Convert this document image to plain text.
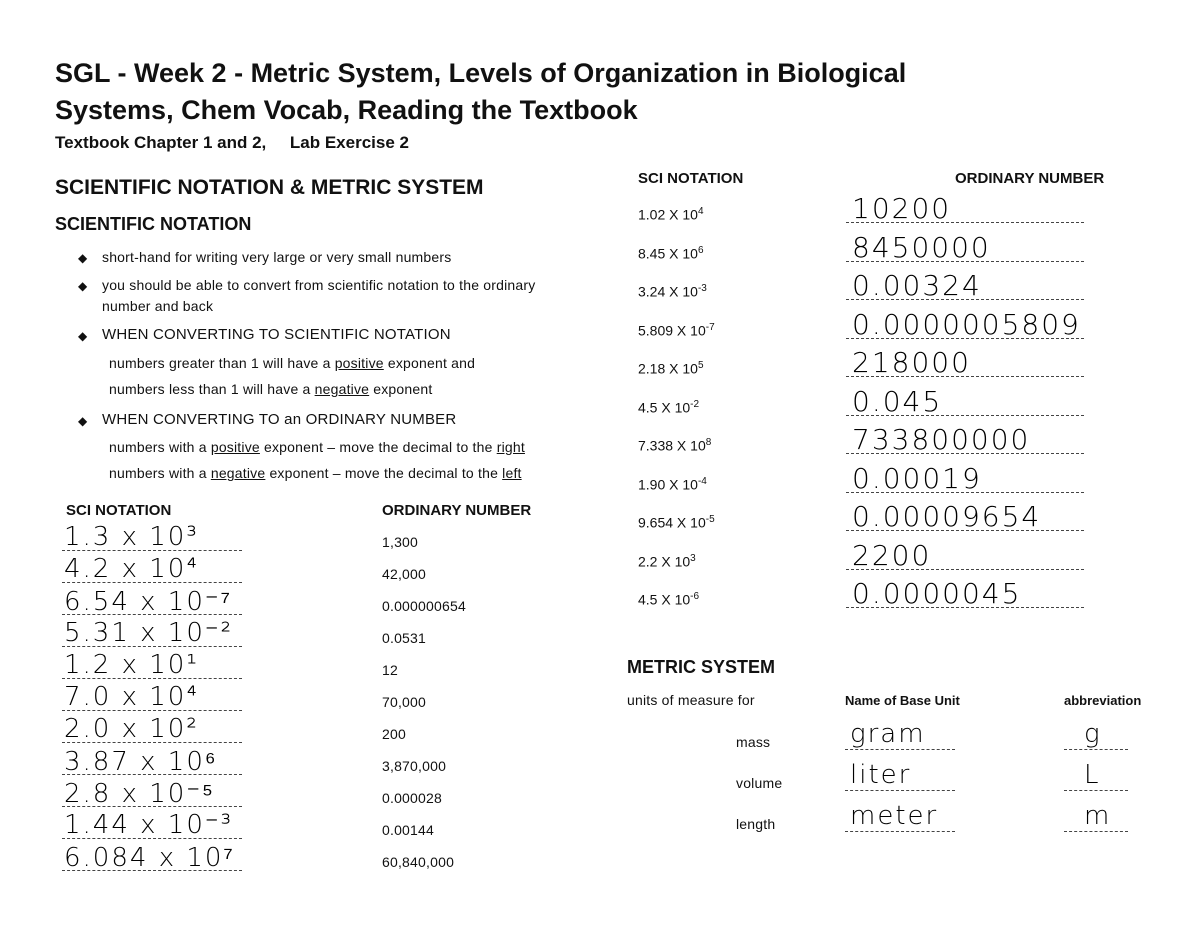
SGL - Week 2 - Metric System, Levels of Organization in Biological
Systems, Chem Vocab, Reading the Textbook
Textbook Chapter 1 and 2,     Lab Exercise 2
SCIENTIFIC NOTATION & METRIC SYSTEM
SCIENTIFIC NOTATION
◆ short-hand for writing very large or very small numbers
◆ you should be able to convert from scientific notation to the ordinary
number and back
◆ WHEN CONVERTING TO SCIENTIFIC NOTATION
numbers greater than 1 will have a positive exponent and
numbers less than 1 will have a negative exponent
◆ WHEN CONVERTING TO an ORDINARY NUMBER
numbers with a positive exponent – move the decimal to the right
numbers with a negative exponent – move the decimal to the left
SCI NOTATION	ORDINARY NUMBER
1.3 x 10³	1,300
4.2 x 10⁴	42,000
6.54 x 10⁻⁷	0.000000654
5.31 x 10⁻²	0.0531
1.2 x 10¹	12
7.0 x 10⁴	70,000
2.0 x 10²	200
3.87 x 10⁶	3,870,000
2.8 x 10⁻⁵	0.000028
1.44 x 10⁻³	0.00144
6.084 x 10⁷	60,840,000
SCI NOTATION	ORDINARY NUMBER
1.02 X $10^4$	10200
8.45 X $10^6$	8450000
3.24 X $10^{-3}$	0.00324
5.809 X $10^{-7}$	0.0000005809
2.18 X $10^5$	218000
4.5 X $10^{-2}$	0.045
7.338 X $10^8$	733800000
1.90 X $10^{-4}$	0.00019
9.654 X $10^{-5}$	0.00009654
2.2 X $10^3$	2200
4.5 X $10^{-6}$	0.0000045
METRIC SYSTEM
units of measure for	Name of Base Unit	abbreviation
mass	gram	g
volume	liter	L
length	meter	m
